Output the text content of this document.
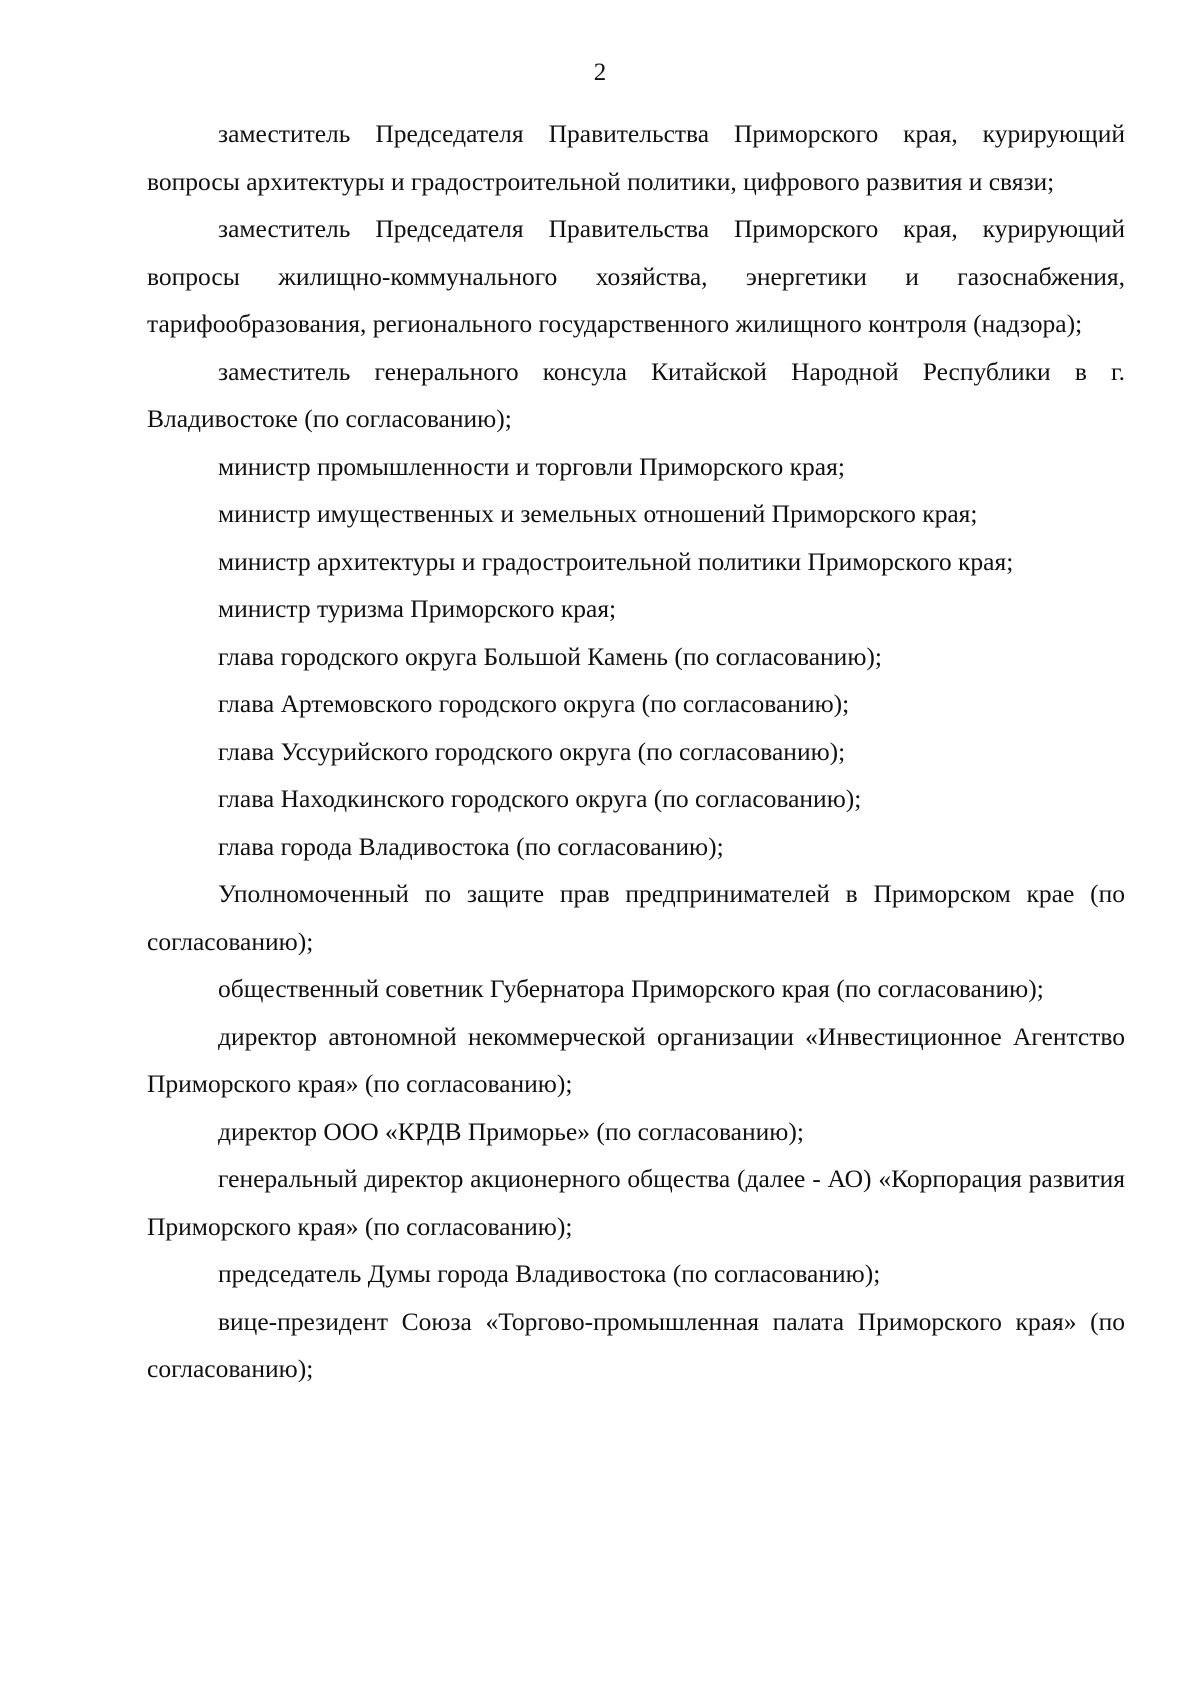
2

заместитель Председателя Правительства Приморского края, курирующий вопросы архитектуры и градостроительной политики, цифрового развития и связи;

заместитель Председателя Правительства Приморского края, курирующий вопросы жилищно-коммунального хозяйства, энергетики и газоснабжения, тарифообразования, регионального государственного жилищного контроля (надзора);

заместитель генерального консула Китайской Народной Республики в г. Владивостоке (по согласованию);

министр промышленности и торговли Приморского края;

министр имущественных и земельных отношений Приморского края;

министр архитектуры и градостроительной политики Приморского края;

министр туризма Приморского края;

глава городского округа Большой Камень (по согласованию);

глава Артемовского городского округа (по согласованию);

глава Уссурийского городского округа (по согласованию);

глава Находкинского городского округа (по согласованию);

глава города Владивостока (по согласованию);

Уполномоченный по защите прав предпринимателей в Приморском крае (по согласованию);

общественный советник Губернатора Приморского края (по согласованию);

директор автономной некоммерческой организации «Инвестиционное Агентство Приморского края» (по согласованию);

директор ООО «КРДВ Приморье» (по согласованию);

генеральный директор акционерного общества (далее - АО) «Корпорация развития Приморского края» (по согласованию);

председатель Думы города Владивостока (по согласованию);

вице-президент Союза «Торгово-промышленная палата Приморского края» (по согласованию);
